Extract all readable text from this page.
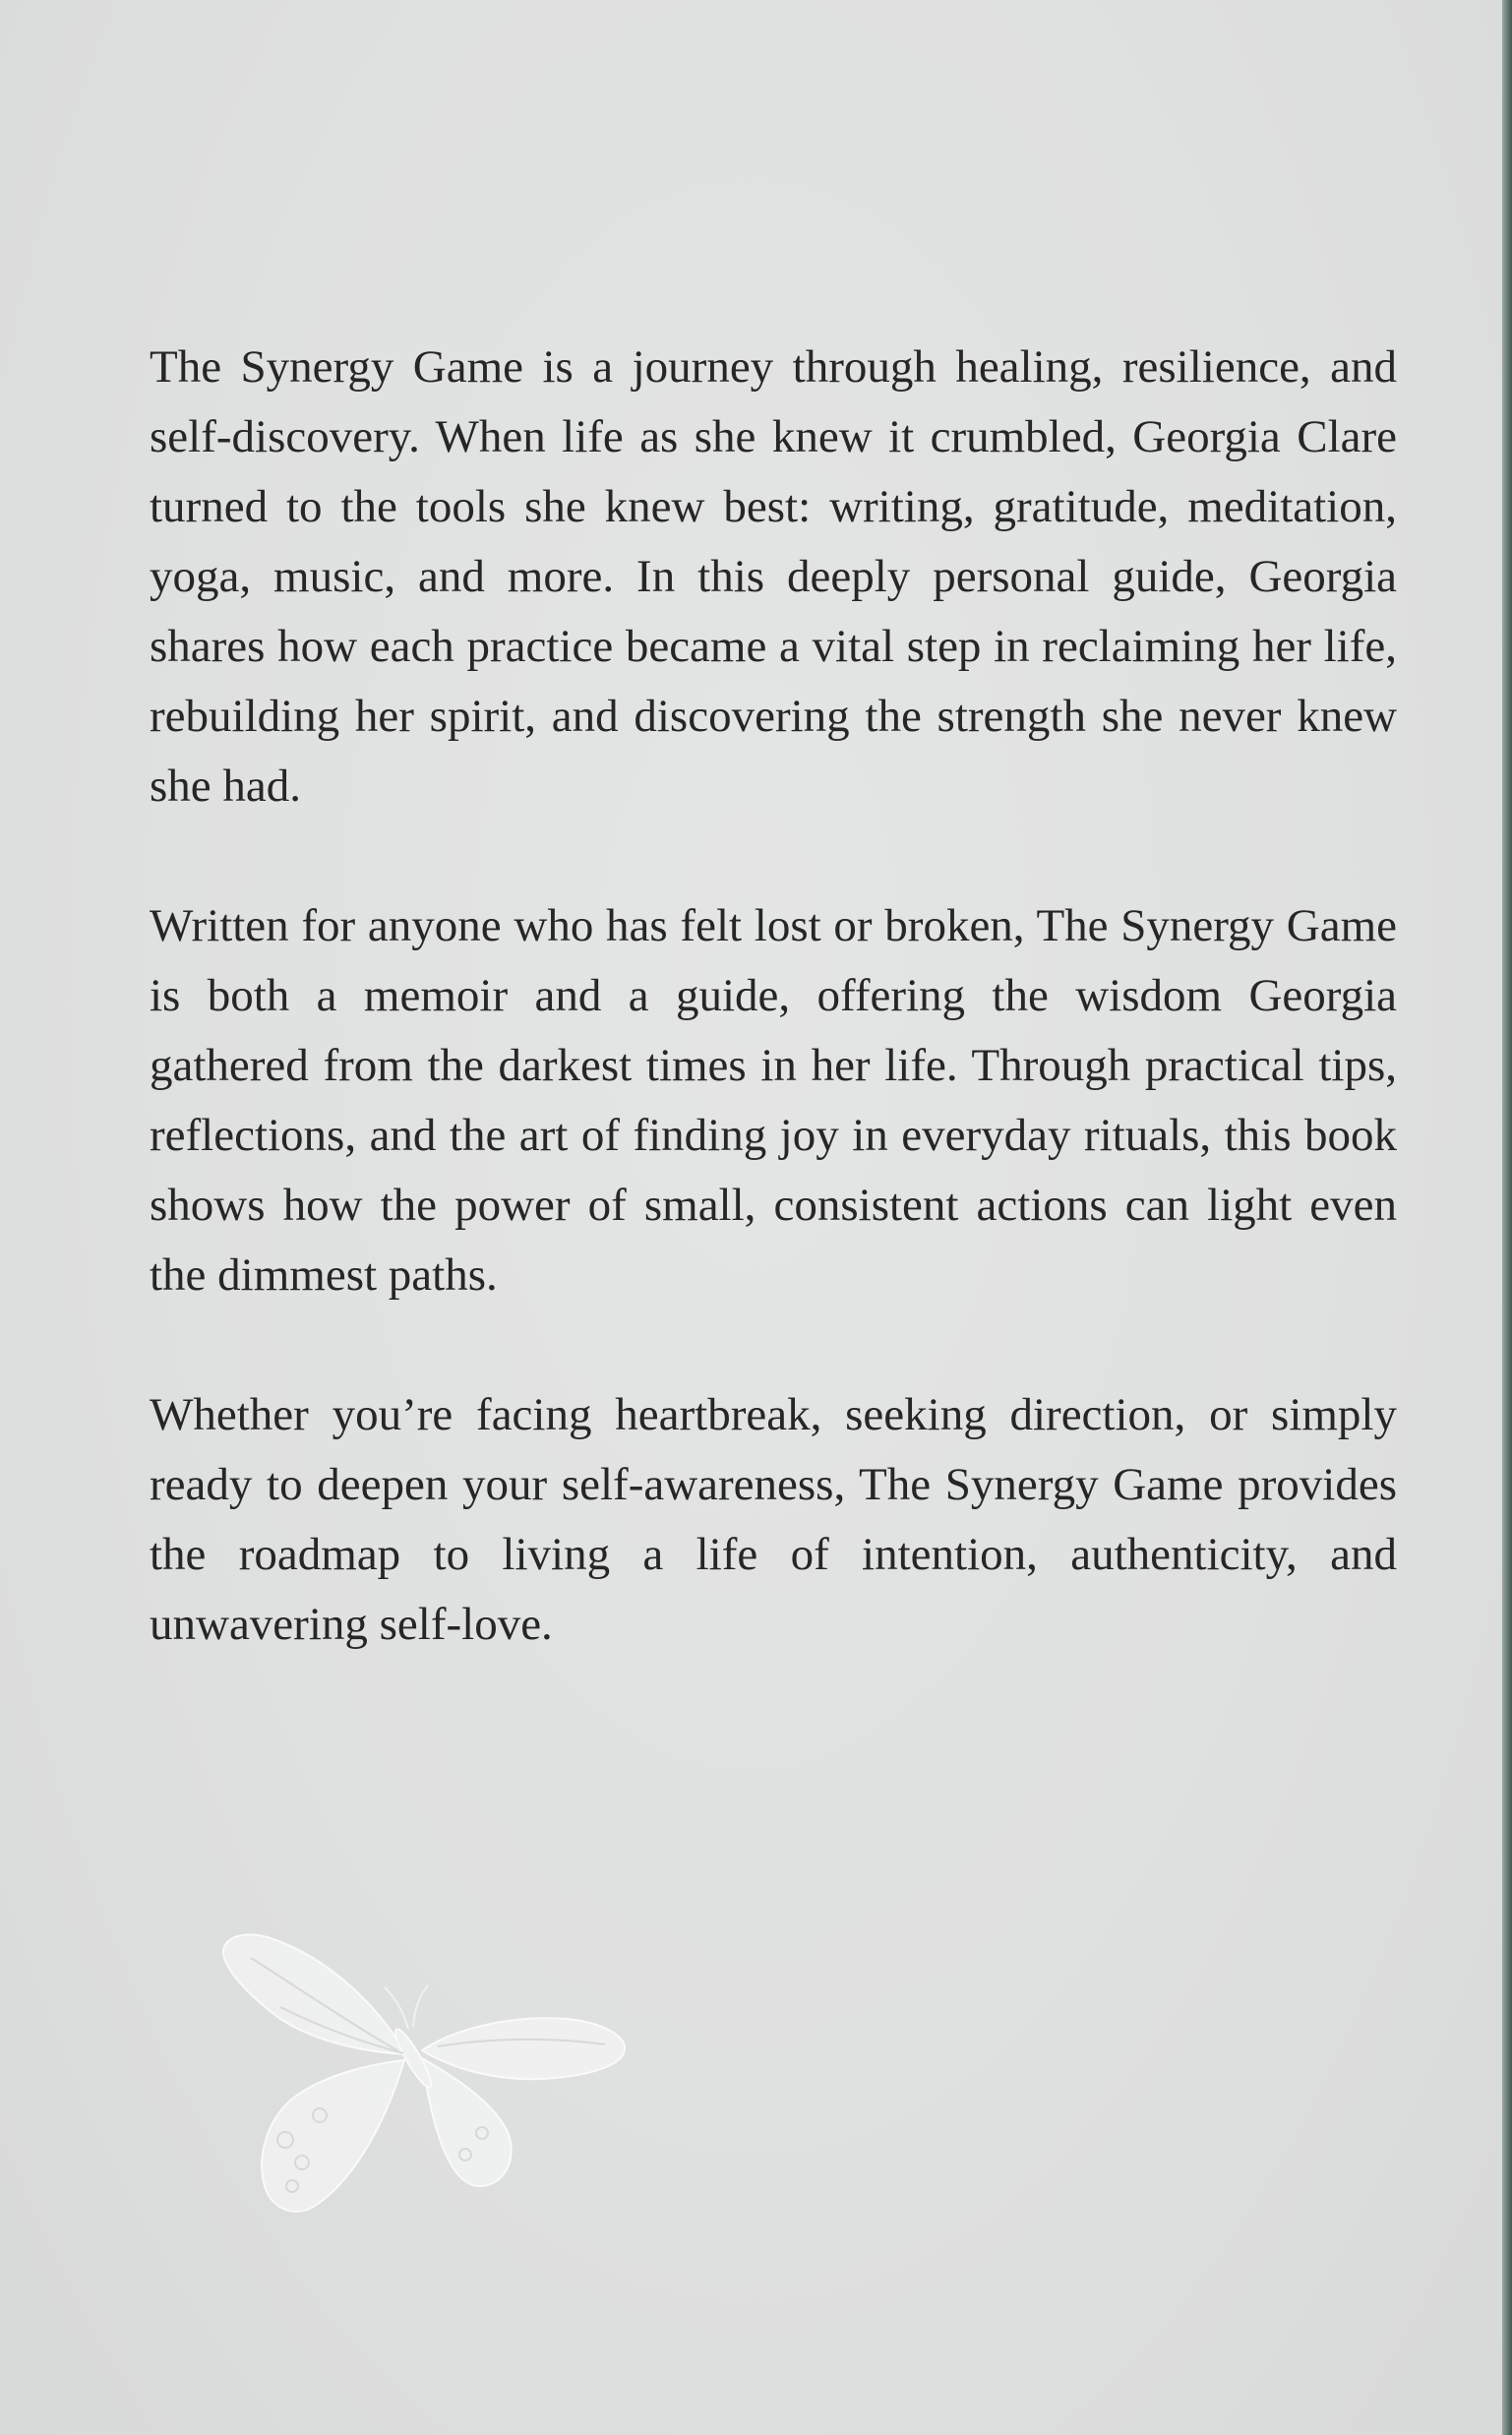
The Synergy Game is a journey through healing, resilience, and self-discovery. When life as she knew it crumbled, Georgia Clare turned to the tools she knew best: writing, gratitude, meditation, yoga, music, and more. In this deeply personal guide, Georgia shares how each practice became a vital step in reclaiming her life, rebuilding her spirit, and discovering the strength she never knew she had.

Written for anyone who has felt lost or broken, The Synergy Game is both a memoir and a guide, offering the wisdom Georgia gathered from the darkest times in her life. Through practical tips, reflections, and the art of finding joy in everyday rituals, this book shows how the power of small, consistent actions can light even the dimmest paths.

Whether you’re facing heartbreak, seeking direction, or simply ready to deepen your self-awareness, The Synergy Game provides the roadmap to living a life of intention, authenticity, and unwavering self-love.
